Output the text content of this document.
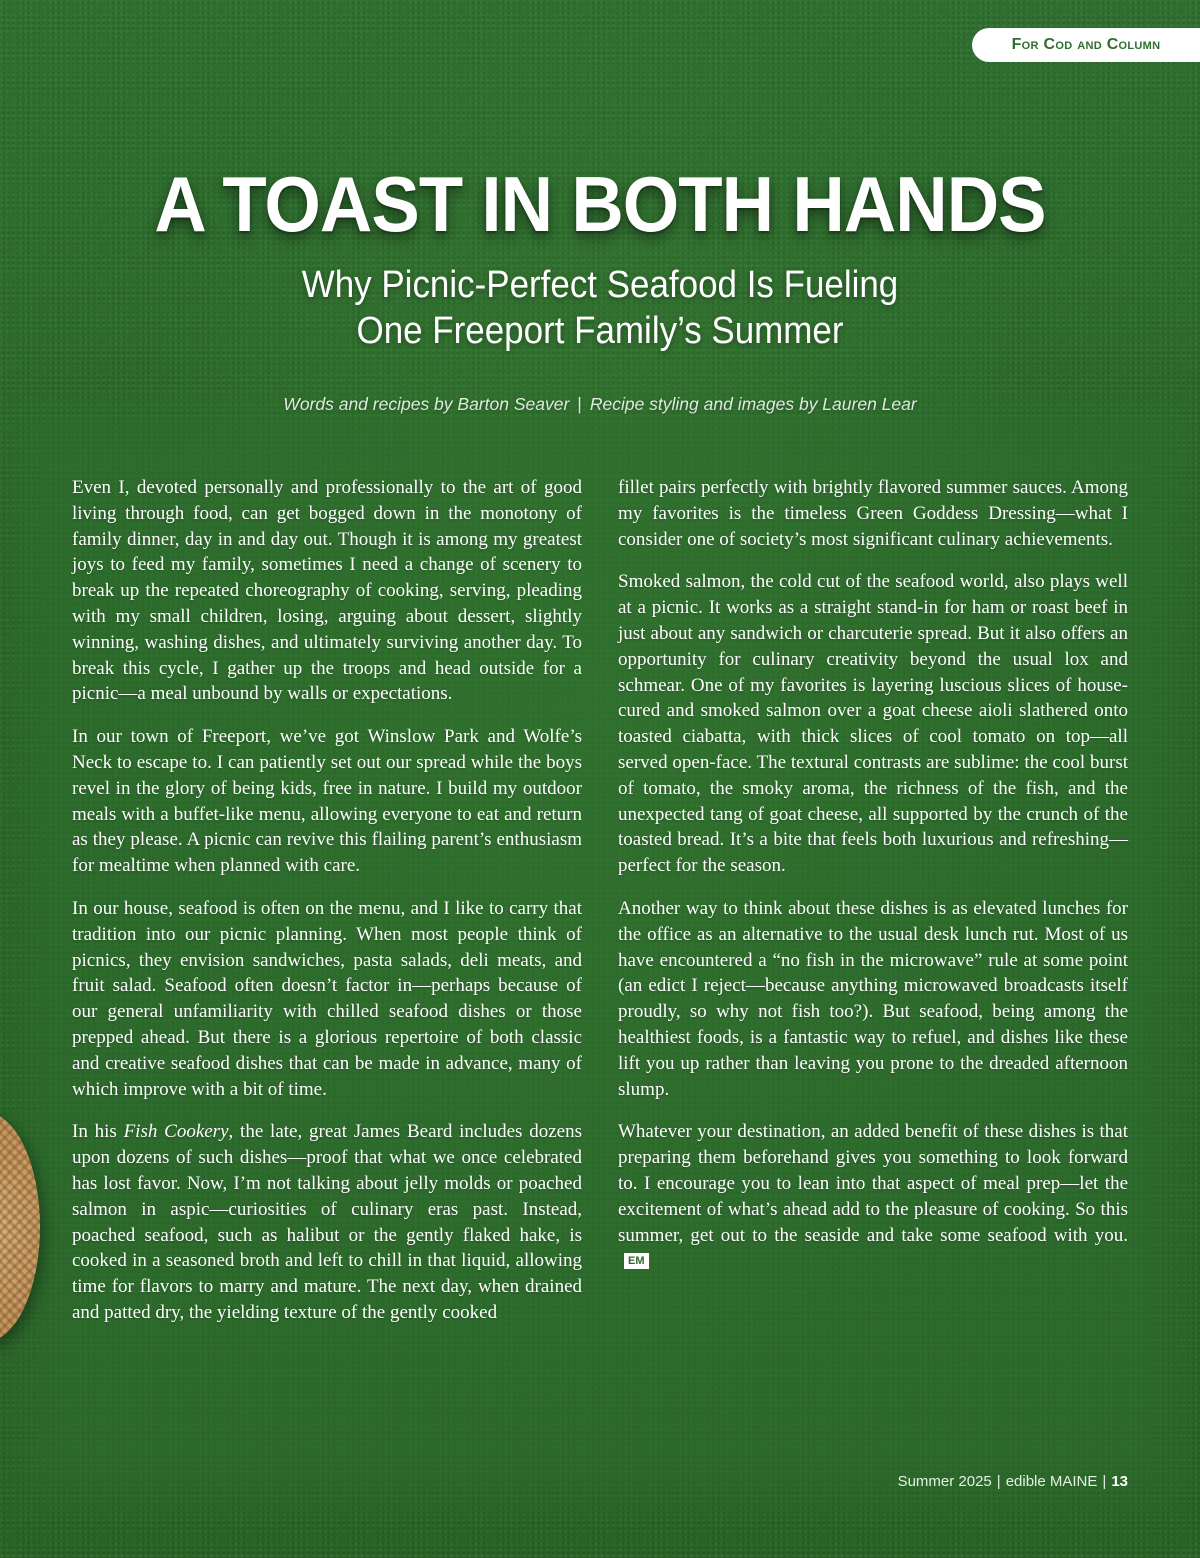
For Cod and Column
A TOAST IN BOTH HANDS
Why Picnic-Perfect Seafood Is Fueling
One Freeport Family’s Summer
Words and recipes by Barton Seaver | Recipe styling and images by Lauren Lear

Even I, devoted personally and professionally to the art of good living through food, can get bogged down in the monotony of family dinner, day in and day out. Though it is among my greatest joys to feed my family, sometimes I need a change of scenery to break up the repeated choreography of cooking, serving, pleading with my small children, losing, arguing about dessert, slightly winning, washing dishes, and ultimately surviving another day. To break this cycle, I gather up the troops and head outside for a picnic—a meal unbound by walls or expectations.

In our town of Freeport, we’ve got Winslow Park and Wolfe’s Neck to escape to. I can patiently set out our spread while the boys revel in the glory of being kids, free in nature. I build my outdoor meals with a buffet-like menu, allowing everyone to eat and return as they please. A picnic can revive this flailing parent’s enthusiasm for mealtime when planned with care.

In our house, seafood is often on the menu, and I like to carry that tradition into our picnic planning. When most people think of picnics, they envision sandwiches, pasta salads, deli meats, and fruit salad. Seafood often doesn’t factor in—perhaps because of our general unfamiliarity with chilled seafood dishes or those prepped ahead. But there is a glorious repertoire of both classic and creative seafood dishes that can be made in advance, many of which improve with a bit of time.

In his Fish Cookery, the late, great James Beard includes dozens upon dozens of such dishes—proof that what we once celebrated has lost favor. Now, I’m not talking about jelly molds or poached salmon in aspic—curiosities of culinary eras past. Instead, poached seafood, such as halibut or the gently flaked hake, is cooked in a seasoned broth and left to chill in that liquid, allowing time for flavors to marry and mature. The next day, when drained and patted dry, the yielding texture of the gently cooked

fillet pairs perfectly with brightly flavored summer sauces. Among my favorites is the timeless Green Goddess Dressing—what I consider one of society’s most significant culinary achievements.

Smoked salmon, the cold cut of the seafood world, also plays well at a picnic. It works as a straight stand-in for ham or roast beef in just about any sandwich or charcuterie spread. But it also offers an opportunity for culinary creativity beyond the usual lox and schmear. One of my favorites is layering luscious slices of house-cured and smoked salmon over a goat cheese aioli slathered onto toasted ciabatta, with thick slices of cool tomato on top—all served open-face. The textural contrasts are sublime: the cool burst of tomato, the smoky aroma, the richness of the fish, and the unexpected tang of goat cheese, all supported by the crunch of the toasted bread. It’s a bite that feels both luxurious and refreshing—perfect for the season.

Another way to think about these dishes is as elevated lunches for the office as an alternative to the usual desk lunch rut. Most of us have encountered a “no fish in the microwave” rule at some point (an edict I reject—because anything microwaved broadcasts itself proudly, so why not fish too?). But seafood, being among the healthiest foods, is a fantastic way to refuel, and dishes like these lift you up rather than leaving you prone to the dreaded afternoon slump.

Whatever your destination, an added benefit of these dishes is that preparing them beforehand gives you something to look forward to. I encourage you to lean into that aspect of meal prep—let the excitement of what’s ahead add to the pleasure of cooking. So this summer, get out to the seaside and take some seafood with you.EM

Summer 2025 | edible MAINE | 13
